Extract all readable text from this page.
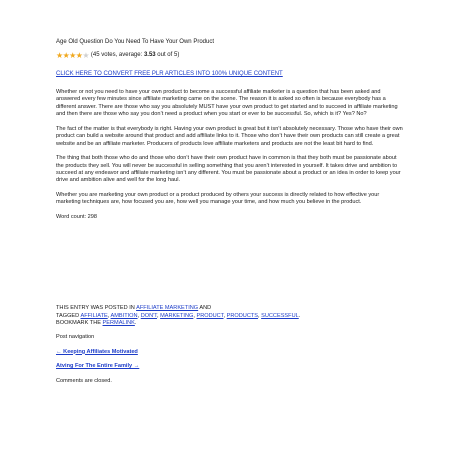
Age Old Question Do You Need To Have Your Own Product
★ ★ ★ ★ ★ (45 votes, average:
3.53
out of 5)
CLICK HERE TO CONVERT FREE PLR ARTICLES INTO 100% UNIQUE CONTENT

Whether or not you need to have your own product to become a successful affiliate marketer is a question that has been asked and answered every few minutes since affiliate marketing came on the scene. The reason it is asked so often is because everybody has a different answer. There are those who say you absolutely MUST have your own product to get started and to succeed in affiliate marketing and then there are those who say you don’t need a product when you start or ever to be successful. So, which is it? Yes? No?

The fact of the matter is that everybody is right. Having your own product is great but it isn’t absolutely necessary. Those who have their own product can build a website around that product and add affiliate links to it. Those who don’t have their own products can still create a great website and be an affiliate marketer. Producers of products love affiliate marketers and products are not the least bit hard to find.

The thing that both those who do and those who don’t have their own product have in common is that they both must be passionate about the products they sell. You will never be successful in selling something that you aren’t interested in yourself. It takes drive and ambition to succeed at any endeavor and affiliate marketing isn’t any different. You must be passionate about a product or an idea in order to keep your drive and ambition alive and well for the long haul.

Whether you are marketing your own product or a product produced by others your success is directly related to how effective your marketing techniques are, how focused you are, how well you manage your time, and how much you believe in the product.

Word count: 298

THIS ENTRY WAS POSTED IN AFFILIATE MARKETING AND
TAGGED AFFILIATE, AMBITION, DON'T, MARKETING, PRODUCT, PRODUCTS, SUCCESSFUL.
BOOKMARK THE PERMALINK.
Post navigation
← Keeping Affiliates Motivated
Atving For The Entire Family →
Comments are closed.
